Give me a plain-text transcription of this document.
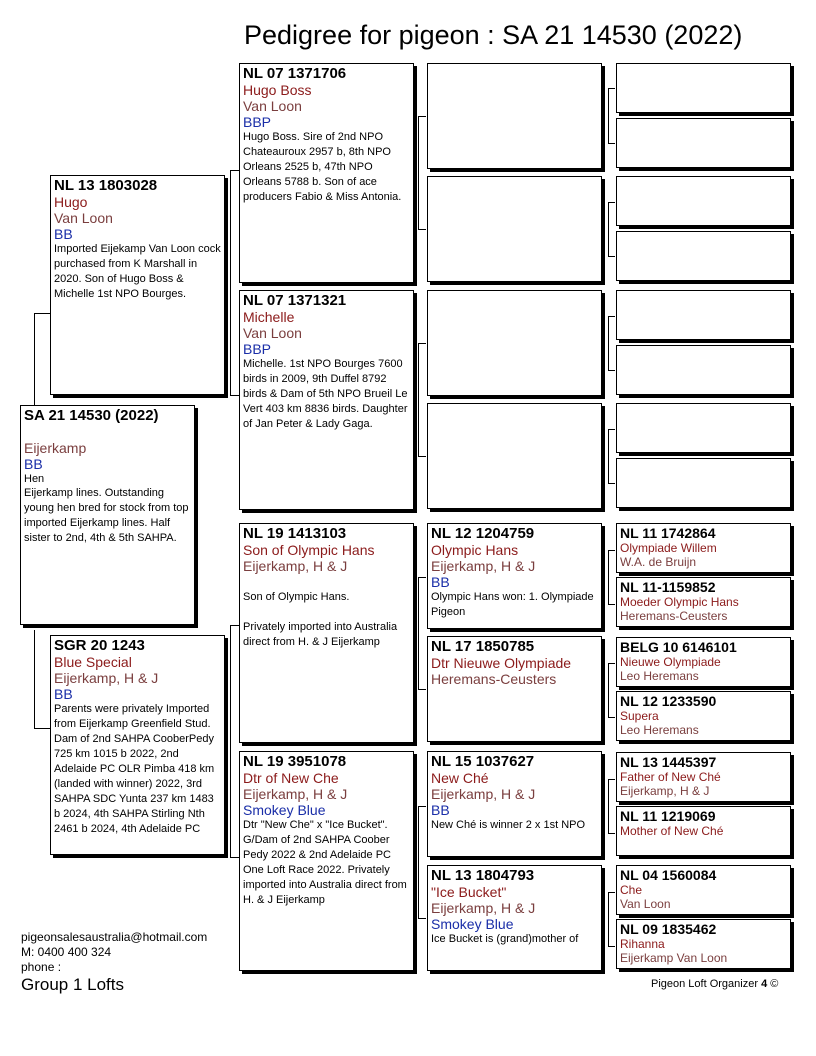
Pedigree for pigeon : SA 21 14530 (2022)
SA 21 14530 (2022)
Eijerkamp
BB
Hen
Eijerkamp lines. Outstanding young hen bred for stock from top imported Eijerkamp lines. Half sister to 2nd, 4th & 5th SAHPA.
NL 13 1803028
Hugo
Van Loon
BB
Imported Eijekamp Van Loon cock purchased from K Marshall in 2020. Son of Hugo Boss & Michelle 1st NPO Bourges.
SGR 20 1243
Blue Special
Eijerkamp, H & J
BB
Parents were privately Imported from Eijerkamp Greenfield Stud. Dam of 2nd SAHPA CooberPedy 725 km 1015 b 2022, 2nd Adelaide PC OLR Pimba 418 km (landed with winner) 2022, 3rd SAHPA SDC Yunta 237 km 1483 b 2024, 4th SAHPA Stirling Nth 2461 b 2024, 4th Adelaide PC
NL 07 1371706
Hugo Boss
Van Loon
BBP
Hugo Boss. Sire of 2nd NPO Chateauroux 2957 b, 8th NPO Orleans 2525 b, 47th NPO Orleans 5788 b. Son of ace producers Fabio & Miss Antonia.
NL 07 1371321
Michelle
Van Loon
BBP
Michelle. 1st NPO Bourges 7600 birds in 2009, 9th Duffel 8792 birds & Dam of 5th NPO Brueil Le Vert 403 km 8836 birds. Daughter of Jan Peter & Lady Gaga.
NL 19 1413103
Son of Olympic Hans
Eijerkamp, H & J
Son of Olympic Hans.

Privately imported into Australia direct from H. & J Eijerkamp
NL 19 3951078
Dtr of New Che
Eijerkamp, H & J
Smokey Blue
Dtr "New Che" x "Ice Bucket". G/Dam of 2nd SAHPA Coober Pedy 2022 & 2nd Adelaide PC One Loft Race 2022. Privately imported into Australia direct from H. & J Eijerkamp
NL 12 1204759
Olympic Hans
Eijerkamp, H & J
BB
Olympic Hans won: 1. Olympiade Pigeon
NL 17 1850785
Dtr Nieuwe Olympiade
Heremans-Ceusters
NL 15 1037627
New Ché
Eijerkamp, H & J
BB
New Ché is winner 2 x 1st NPO
NL 13 1804793
"Ice Bucket"
Eijerkamp, H & J
Smokey Blue
Ice Bucket is (grand)mother of
NL 11 1742864
Olympiade Willem
W.A. de Bruijn
NL 11-1159852
Moeder Olympic Hans
Heremans-Ceusters
BELG 10 6146101
Nieuwe Olympiade
Leo Heremans
NL 12 1233590
Supera
Leo Heremans
NL 13 1445397
Father of New Ché
Eijerkamp, H & J
NL 11 1219069
Mother of New Ché
NL 04 1560084
Che
Van Loon
NL 09 1835462
Rihanna
Eijerkamp Van Loon
pigeonsalesaustralia@hotmail.com
M: 0400 400 324
phone :
Group 1 Lofts	Pigeon Loft Organizer 4 ©
